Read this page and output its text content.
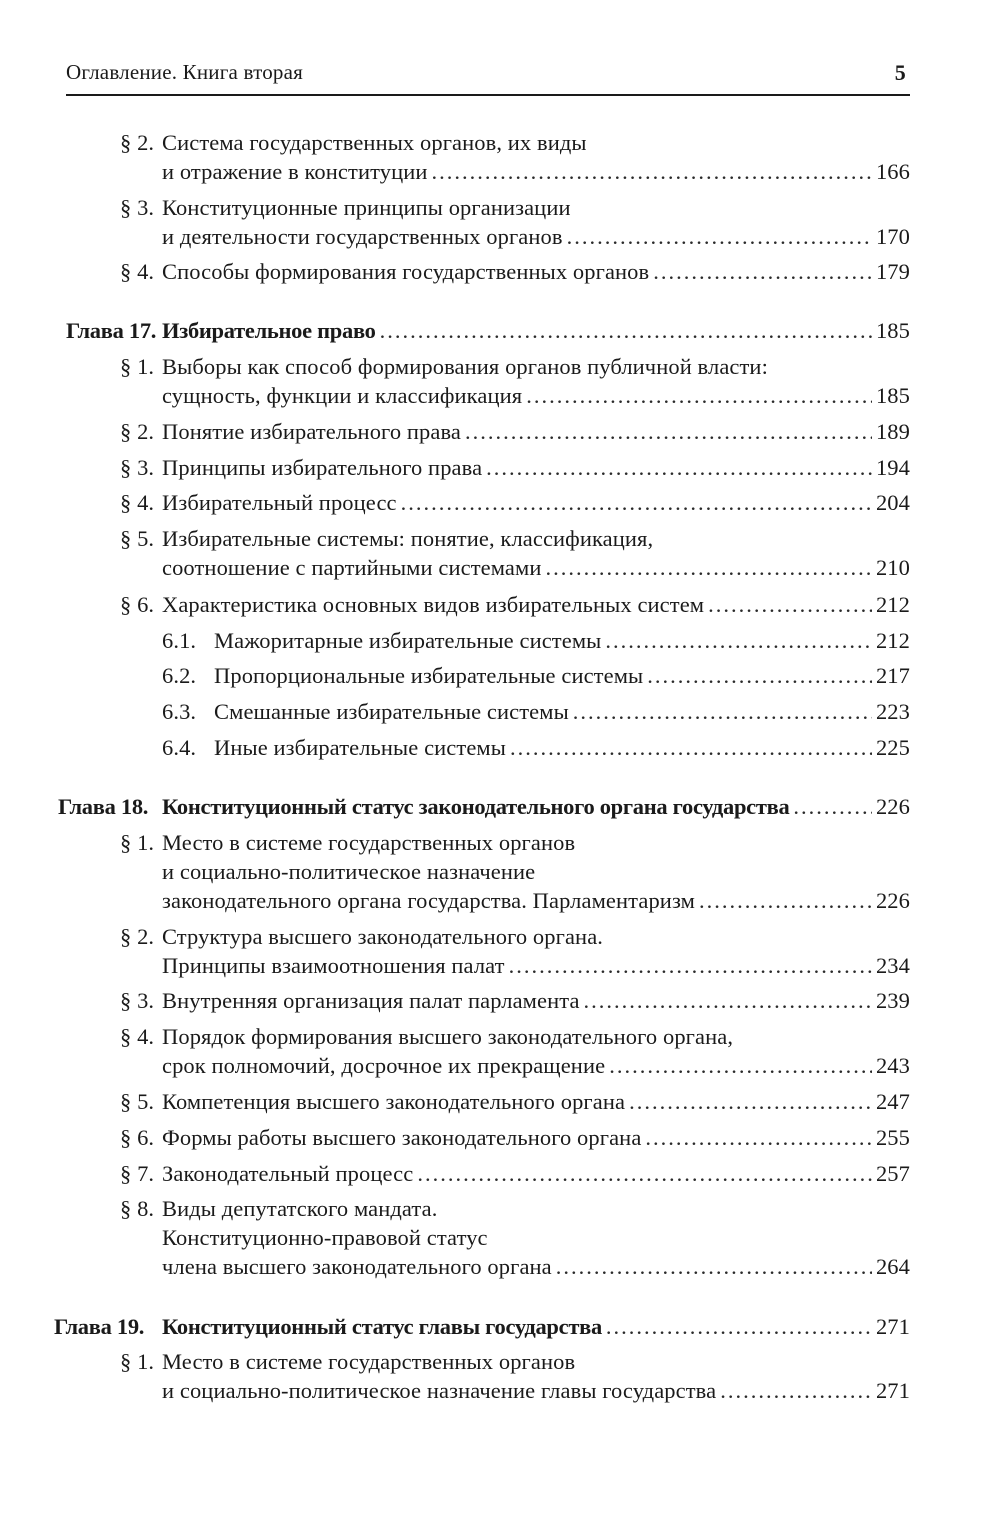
Оглавление. Книга вторая	5
§ 2. Система государственных органов, их виды
и отражение в конституции .....	166
§ 3. Конституционные принципы организации
и деятельности государственных органов .....	170
§ 4. Способы формирования государственных органов .....	179
Глава 17. Избирательное право .....	185
§ 1. Выборы как способ формирования органов публичной власти:
сущность, функции и классификация .....	185
§ 2. Понятие избирательного права .....	189
§ 3. Принципы избирательного права .....	194
§ 4. Избирательный процесс .....	204
§ 5. Избирательные системы: понятие, классификация,
соотношение с партийными системами .....	210
§ 6. Характеристика основных видов избирательных систем .....	212
6.1. Мажоритарные избирательные системы .....	212
6.2. Пропорциональные избирательные системы .....	217
6.3. Смешанные избирательные системы .....	223
6.4. Иные избирательные системы .....	225
Глава 18. Конституционный статус законодательного органа государства .....	226
§ 1. Место в системе государственных органов
и социально-политическое назначение
законодательного органа государства. Парламентаризм .....	226
§ 2. Структура высшего законодательного органа.
Принципы взаимоотношения палат .....	234
§ 3. Внутренняя организация палат парламента .....	239
§ 4. Порядок формирования высшего законодательного органа,
срок полномочий, досрочное их прекращение .....	243
§ 5. Компетенция высшего законодательного органа .....	247
§ 6. Формы работы высшего законодательного органа .....	255
§ 7. Законодательный процесс .....	257
§ 8. Виды депутатского мандата.
Конституционно-правовой статус
члена высшего законодательного органа .....	264
Глава 19. Конституционный статус главы государства .....	271
§ 1. Место в системе государственных органов
и социально-политическое назначение главы государства .....	271
